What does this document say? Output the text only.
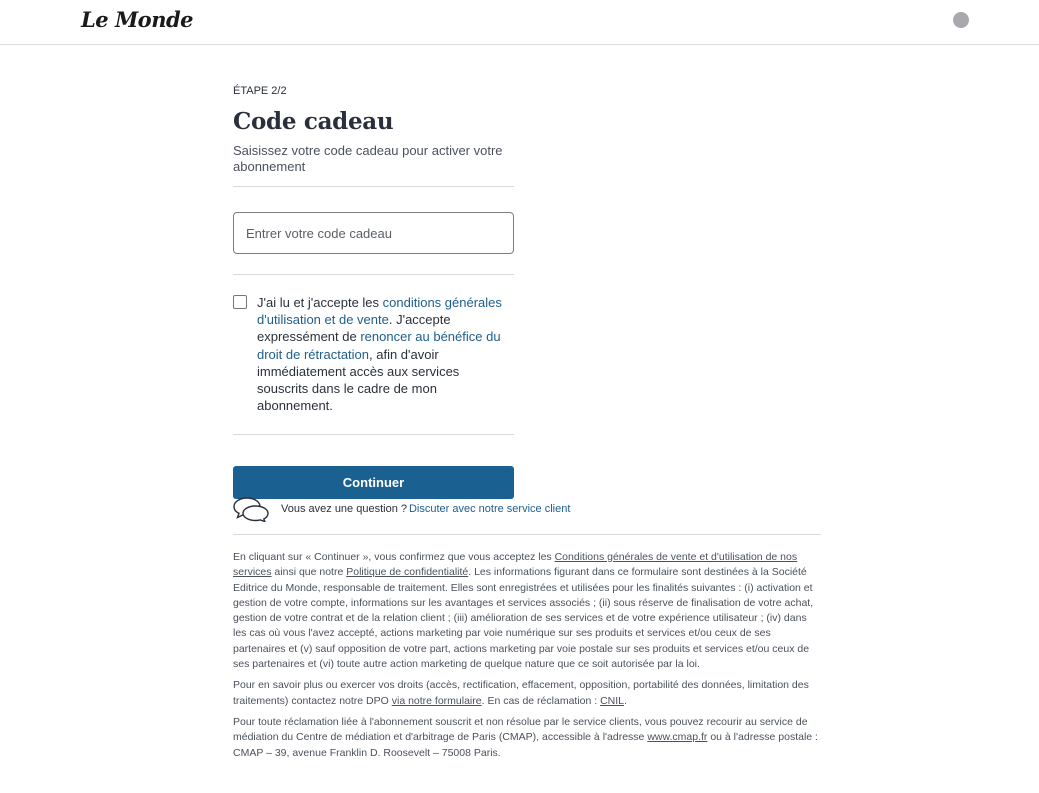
Le Monde
ÉTAPE 2/2
Code cadeau
Saisissez votre code cadeau pour activer votre abonnement
Entrer votre code cadeau
J'ai lu et j'accepte les conditions générales d'utilisation et de vente. J'accepte expressément de renoncer au bénéfice du droit de rétractation, afin d'avoir immédiatement accès aux services souscrits dans le cadre de mon abonnement.
Continuer
Vous avez une question ? Discuter avec notre service client

En cliquant sur « Continuer », vous confirmez que vous acceptez les Conditions générales de vente et d'utilisation de nos services ainsi que notre Politique de confidentialité. Les informations figurant dans ce formulaire sont destinées à la Société Editrice du Monde, responsable de traitement. Elles sont enregistrées et utilisées pour les finalités suivantes : (i) activation et gestion de votre compte, informations sur les avantages et services associés ; (ii) sous réserve de finalisation de votre achat, gestion de votre contrat et de la relation client ; (iii) amélioration de ses services et de votre expérience utilisateur ; (iv) dans les cas où vous l'avez accepté, actions marketing par voie numérique sur ses produits et services et/ou ceux de ses partenaires et (v) sauf opposition de votre part, actions marketing par voie postale sur ses produits et services et/ou ceux de ses partenaires et (vi) toute autre action marketing de quelque nature que ce soit autorisée par la loi.

Pour en savoir plus ou exercer vos droits (accès, rectification, effacement, opposition, portabilité des données, limitation des traitements) contactez notre DPO via notre formulaire. En cas de réclamation : CNIL.

Pour toute réclamation liée à l'abonnement souscrit et non résolue par le service clients, vous pouvez recourir au service de médiation du Centre de médiation et d'arbitrage de Paris (CMAP), accessible à l'adresse www.cmap.fr ou à l'adresse postale : CMAP – 39, avenue Franklin D. Roosevelt – 75008 Paris.
